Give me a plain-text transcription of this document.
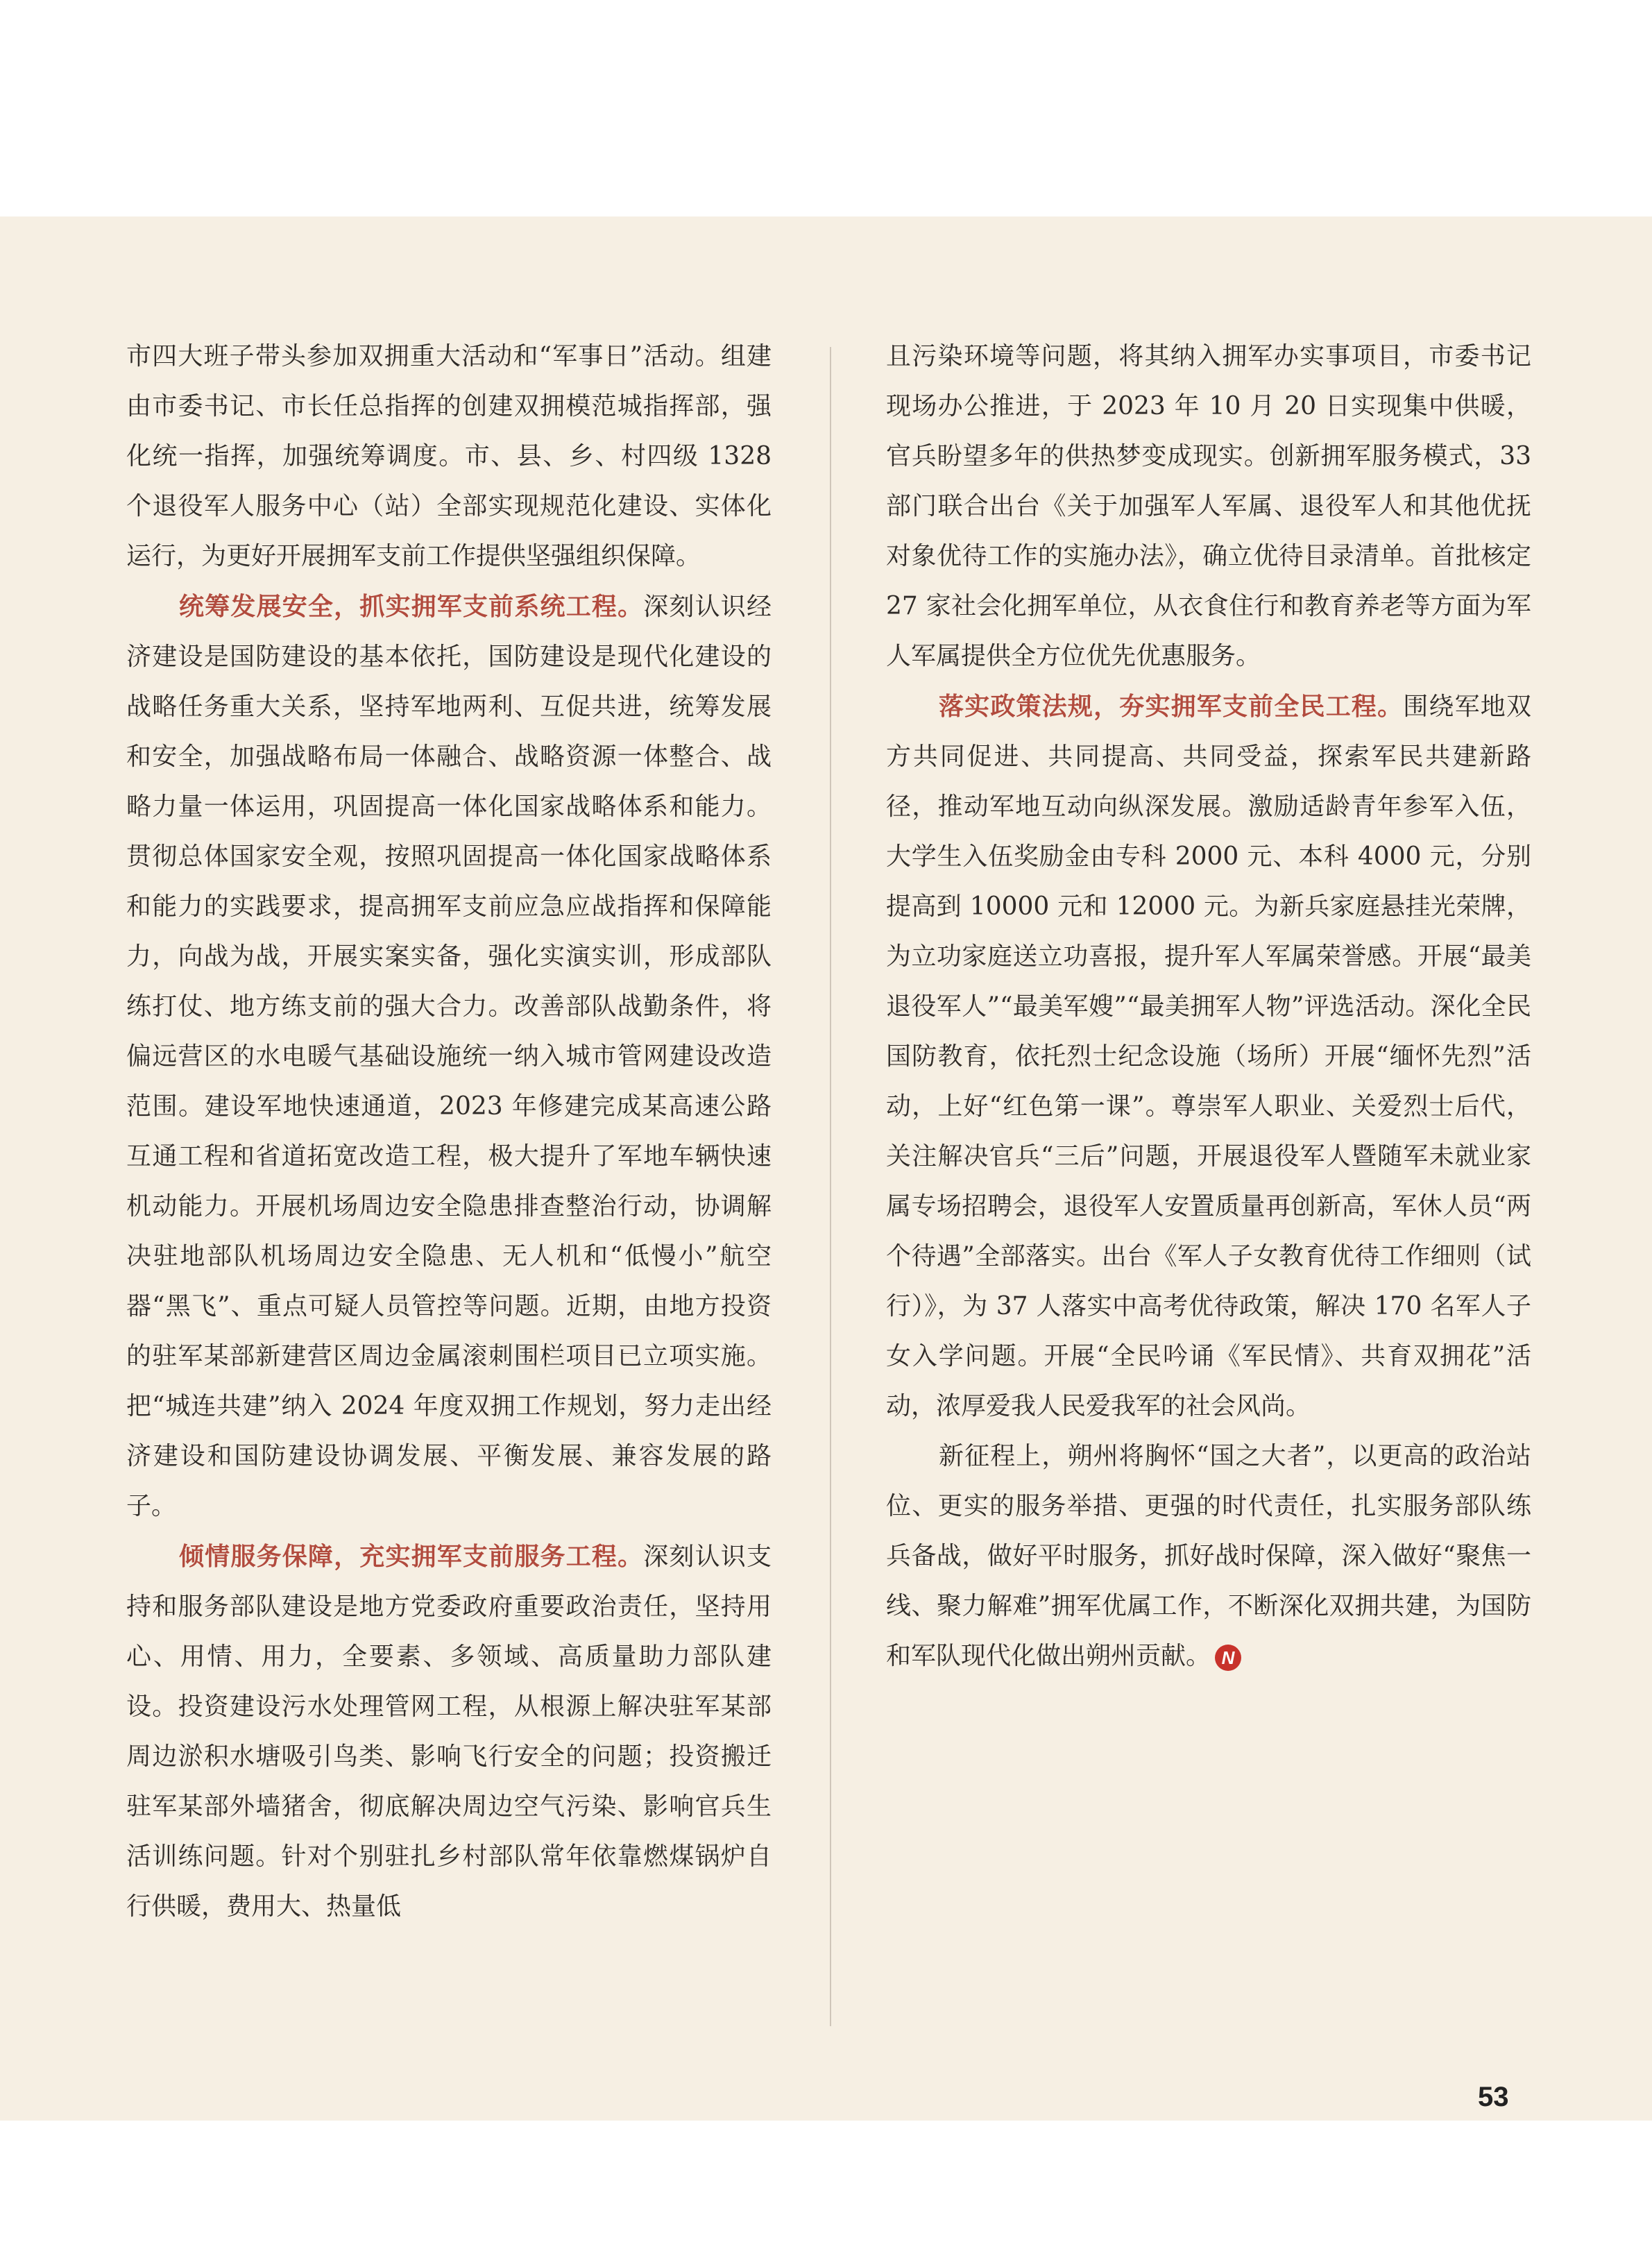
市四大班子带头参加双拥重大活动和“军事日”活动。组建由市委书记、市长任总指挥的创建双拥模范城指挥部，强化统一指挥，加强统筹调度。市、县、乡、村四级 1328 个退役军人服务中心（站）全部实现规范化建设、实体化运行，为更好开展拥军支前工作提供坚强组织保障。

统筹发展安全，抓实拥军支前系统工程。深刻认识经济建设是国防建设的基本依托，国防建设是现代化建设的战略任务重大关系，坚持军地两利、互促共进，统筹发展和安全，加强战略布局一体融合、战略资源一体整合、战略力量一体运用，巩固提高一体化国家战略体系和能力。贯彻总体国家安全观，按照巩固提高一体化国家战略体系和能力的实践要求，提高拥军支前应急应战指挥和保障能力，向战为战，开展实案实备，强化实演实训，形成部队练打仗、地方练支前的强大合力。改善部队战勤条件，将偏远营区的水电暖气基础设施统一纳入城市管网建设改造范围。建设军地快速通道，2023 年修建完成某高速公路互通工程和省道拓宽改造工程，极大提升了军地车辆快速机动能力。开展机场周边安全隐患排查整治行动，协调解决驻地部队机场周边安全隐患、无人机和“低慢小”航空器“黑飞”、重点可疑人员管控等问题。近期，由地方投资的驻军某部新建营区周边金属滚刺围栏项目已立项实施。把“城连共建”纳入 2024 年度双拥工作规划，努力走出经济建设和国防建设协调发展、平衡发展、兼容发展的路子。

倾情服务保障，充实拥军支前服务工程。深刻认识支持和服务部队建设是地方党委政府重要政治责任，坚持用心、用情、用力，全要素、多领域、高质量助力部队建设。投资建设污水处理管网工程，从根源上解决驻军某部周边淤积水塘吸引鸟类、影响飞行安全的问题；投资搬迁驻军某部外墙猪舍，彻底解决周边空气污染、影响官兵生活训练问题。针对个别驻扎乡村部队常年依靠燃煤锅炉自行供暖，费用大、热量低

且污染环境等问题，将其纳入拥军办实事项目，市委书记现场办公推进，于 2023 年 10 月 20 日实现集中供暖，官兵盼望多年的供热梦变成现实。创新拥军服务模式，33 部门联合出台《关于加强军人军属、退役军人和其他优抚对象优待工作的实施办法》，确立优待目录清单。首批核定 27 家社会化拥军单位，从衣食住行和教育养老等方面为军人军属提供全方位优先优惠服务。

落实政策法规，夯实拥军支前全民工程。围绕军地双方共同促进、共同提高、共同受益，探索军民共建新路径，推动军地互动向纵深发展。激励适龄青年参军入伍，大学生入伍奖励金由专科 2000 元、本科 4000 元，分别提高到 10000 元和 12000 元。为新兵家庭悬挂光荣牌，为立功家庭送立功喜报，提升军人军属荣誉感。开展“最美退役军人”“最美军嫂”“最美拥军人物”评选活动。深化全民国防教育，依托烈士纪念设施（场所）开展“缅怀先烈”活动，上好“红色第一课”。尊崇军人职业、关爱烈士后代，关注解决官兵“三后”问题，开展退役军人暨随军未就业家属专场招聘会，退役军人安置质量再创新高，军休人员“两个待遇”全部落实。出台《军人子女教育优待工作细则（试行）》，为 37 人落实中高考优待政策，解决 170 名军人子女入学问题。开展“全民吟诵《军民情》、共育双拥花”活动，浓厚爱我人民爱我军的社会风尚。

新征程上，朔州将胸怀“国之大者”，以更高的政治站位、更实的服务举措、更强的时代责任，扎实服务部队练兵备战，做好平时服务，抓好战时保障，深入做好“聚焦一线、聚力解难”拥军优属工作，不断深化双拥共建，为国防和军队现代化做出朔州贡献。 N

53
